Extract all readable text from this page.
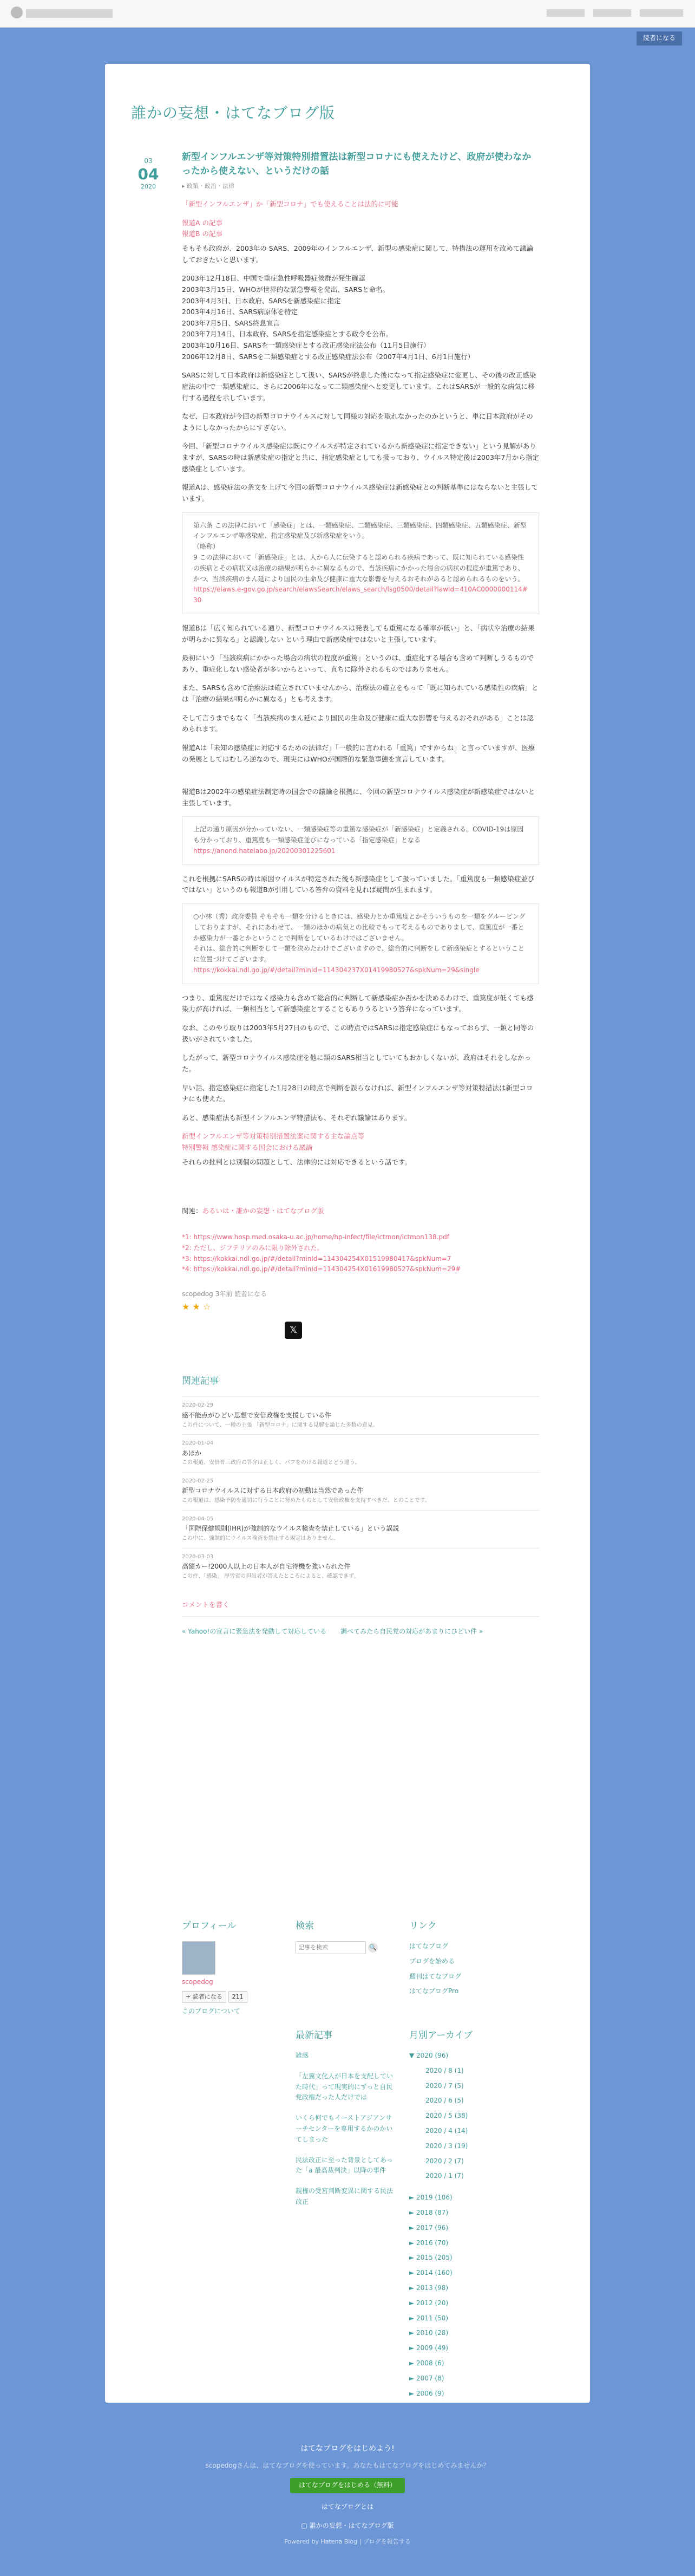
読者になる
誰かの妄想・はてなブログ版
03
04
2020
新型インフルエンザ等対策特別措置法は新型コロナにも使えたけど、政府が使わなかったから使えない、というだけの話
▸ 政策・政治・法律

「新型インフルエンザ」か「新型コロナ」でも使えることは法的に可能

報道A の記事
報道B の記事

そもそも政府が、2003年の SARS、2009年のインフルエンザ、新型の感染症に関して、特措法の運用を改めて議論しておきたいと思います。

2003年12月18日、中国で重症急性呼吸器症候群が発生確認
2003年3月15日、WHOが世界的な緊急警報を発出、SARSと命名。
2003年4月3日、日本政府、SARSを新感染症に指定
2003年4月16日、SARS病原体を特定
2003年7月5日、SARS終息宣言
2003年7月14日、日本政府、SARSを指定感染症とする政令を公布。
2003年10月16日、SARSを一類感染症とする改正感染症法公布（11月5日施行）
2006年12月8日、SARSを二類感染症とする改正感染症法公布（2007年4月1日、6月1日施行）

SARSに対して日本政府は新感染症として扱い、SARSが終息した後になって指定感染症に変更し、その後の改正感染症法の中で一類感染症に、さらに2006年になって二類感染症へと変更しています。これはSARSが一般的な病気に移行する過程を示しています。

なぜ、日本政府が今回の新型コロナウイルスに対して同様の対応を取れなかったのかというと、単に日本政府がそのようにしなかったからにすぎない。

今回、「新型コロナウイルス感染症は既にウイルスが特定されているから新感染症に指定できない」という見解がありますが、SARSの時は新感染症の指定と共に、指定感染症としても扱っており、ウイルス特定後は2003年7月から指定感染症としています。

報道Aは、感染症法の条文を上げて今回の新型コロナウイルス感染症は新感染症との判断基準にはならないと主張しています。

第六条 この法律において「感染症」とは、一類感染症、二類感染症、三類感染症、四類感染症、五類感染症、新型インフルエンザ等感染症、指定感染症及び新感染症をいう。
（略称）
9 この法律において「新感染症」とは、人から人に伝染すると認められる疾病であって、既に知られている感染性の疾病とその病状又は治療の結果が明らかに異なるもので、当該疾病にかかった場合の病状の程度が重篤であり、かつ、当該疾病のまん延により国民の生命及び健康に重大な影響を与えるおそれがあると認められるものをいう。
https://elaws.e-gov.go.jp/search/elawsSearch/elaws_search/lsg0500/detail?lawId=410AC0000000114#30

報道Bは「広く知られている通り、新型コロナウイルスは発表しても重篤になる確率が低い」と、「病状や治療の結果が明らかに異なる」と認識しない という理由で新感染症ではないと主張しています。

最初にいう「当該疾病にかかった場合の病状の程度が重篤」というのは、重症化する場合も含めて判断しうるものであり、重症化しない感染者が多いからといって、直ちに除外されるものではありません。

また、SARSも含めて治療法は確立されていませんから、治療法の確立をもって「既に知られている感染性の疾病」とは「治療の結果が明らかに異なる」とも考えます。

そして言うまでもなく「当該疾病のまん延により国民の生命及び健康に重大な影響を与えるおそれがある」ことは認められます。

報道Aは「未知の感染症に対応するための法律だ」「一般的に言われる「重篤」ですからね」と言っていますが、医療の発展としてはむしろ逆なので、現実にはWHOが国際的な緊急事態を宣言しています。

報道Bは2002年の感染症法制定時の国会での議論を根拠に、今回の新型コロナウイルス感染症が新感染症ではないと主張しています。

上記の通り原因が分かっていない、一類感染症等の重篤な感染症が「新感染症」と定義される。COVID-19は原因も分かっており、重篤度も一類感染症並びになっている「指定感染症」となる
https://anond.hatelabo.jp/20200301225601

これを根拠にSARSの時は原因ウイルスが特定された後も新感染症として扱っていました。「重篤度も一類感染症並びではない」というのも報道Bが引用している答弁の資料を見れば疑問が生まれます。

○小林（秀）政府委員 そもそも一類を分けるときには、感染力とか重篤度とかそういうものを一類をグルーピングしておりますが、それにあわせて、一類のほかの病気との比較でもって考えるものでありまして、重篤度が一番とか感染力が一番とかということで判断をしているわけではございません。
それは、総合的に判断をして一類を決めたわけでございますので、総合的に判断をして新感染症とするということに位置づけてございます。
https://kokkai.ndl.go.jp/#/detail?minId=114304237X01419980527&spkNum=29&single

つまり、重篤度だけではなく感染力も含めて総合的に判断して新感染症か否かを決めるわけで、重篤度が低くても感染力が高ければ、一類相当として新感染症とすることもありうるという答弁になっています。

なお、このやり取りは2003年5月27日のもので、この時点ではSARSは指定感染症にもなっておらず、一類と同等の扱いがされていました。

したがって、新型コロナウイルス感染症を他に類のSARS相当としていてもおかしくないが、政府はそれをしなかった。

早い話、指定感染症に指定した1月28日の時点で判断を誤らなければ、新型インフルエンザ等対策特措法は新型コロナにも使えた。

あと、感染症法も新型インフルエンザ特措法も、それぞれ議論はあります。

新型インフルエンザ等対策特別措置法案に関する主な論点等
特別警報 感染症に関する国会における議論

それらの批判とは別個の問題として、法律的には対応できるという話です。

関連：あるいは・誰かの妄想・はてなブログ版

*1: https://www.hosp.med.osaka-u.ac.jp/home/hp-infect/file/ictmon/ictmon138.pdf
*2: ただし、ジフテリアのみに限り除外された。
*3: https://kokkai.ndl.go.jp/#/detail?minId=114304254X01519980417&spkNum=7
*4: https://kokkai.ndl.go.jp/#/detail?minId=114304254X01619980527&spkNum=29#
scopedog 3年前 読者になる
★ ★ ☆
𝕏
関連記事
2020-02-29
感不能点がひどい思想で安倍政権を支援している件
この件について、一種の主張 「新型コロナ」に関する見解を論じた多数の意見。
2020-01-04
あほか
この報道、安倍晋三政府の答弁は正しく、パフをのける報道とどう違う。
2020-02-25
新型コロナウイルスに対する日本政府の初動は当然であった件
この報道は、感染予防を適切に行うことに努めたものとして安倍政権を支持すべきだ、とのことです。
2020-04-05
「国際保健規則(IHR)が強制的なウイルス検査を禁止している」という誤説
この中に、強制的にウイルス検査を禁止する規定はありません。
2020-03-03
高額カー!2000人以上の日本人が自宅待機を強いられた件
この件、「感染」 厚労省の担当者が答えたところによると、確認できず。
コメントを書く
« Yahoo!の宣言に緊急法を発動して対応している 調べてみたら自民党の対応があまりにひどい件 »
プロフィール
scopedog
+ 読者になる 211
このブログについて
検索
記事を検索 🔍
リンク
はてなブログ
ブログを始める
週刊はてなブログ
はてなブログPro
最新記事
雑感
「左翼文化人が日本を支配していた時代」って現実的にずっと自民党政権だった人だけでは
いくら何でもイーストアジアンサーチセンターを専用するかのかいてしまった
民法改正に至った背景としてあった「a 最高裁判決」以降の事件
親権の受宮判断変異に関する民法改正
月別アーカイブ
▼ 2020 (96)
2020 / 8 (1)
2020 / 7 (5)
2020 / 6 (5)
2020 / 5 (38)
2020 / 4 (14)
2020 / 3 (19)
2020 / 2 (7)
2020 / 1 (7)
► 2019 (106)
► 2018 (87)
► 2017 (96)
► 2016 (70)
► 2015 (205)
► 2014 (160)
► 2013 (98)
► 2012 (20)
► 2011 (50)
► 2010 (28)
► 2009 (49)
► 2008 (6)
► 2007 (8)
► 2006 (9)
はてなブログをはじめよう!
scopedogさんは、はてなブログを使っています。あなたもはてなブログをはじめてみませんか？
はてなブログをはじめる（無料）
はてなブログとは
▢ 誰かの妄想・はてなブログ版
Powered by Hatena Blog | ブログを報告する
